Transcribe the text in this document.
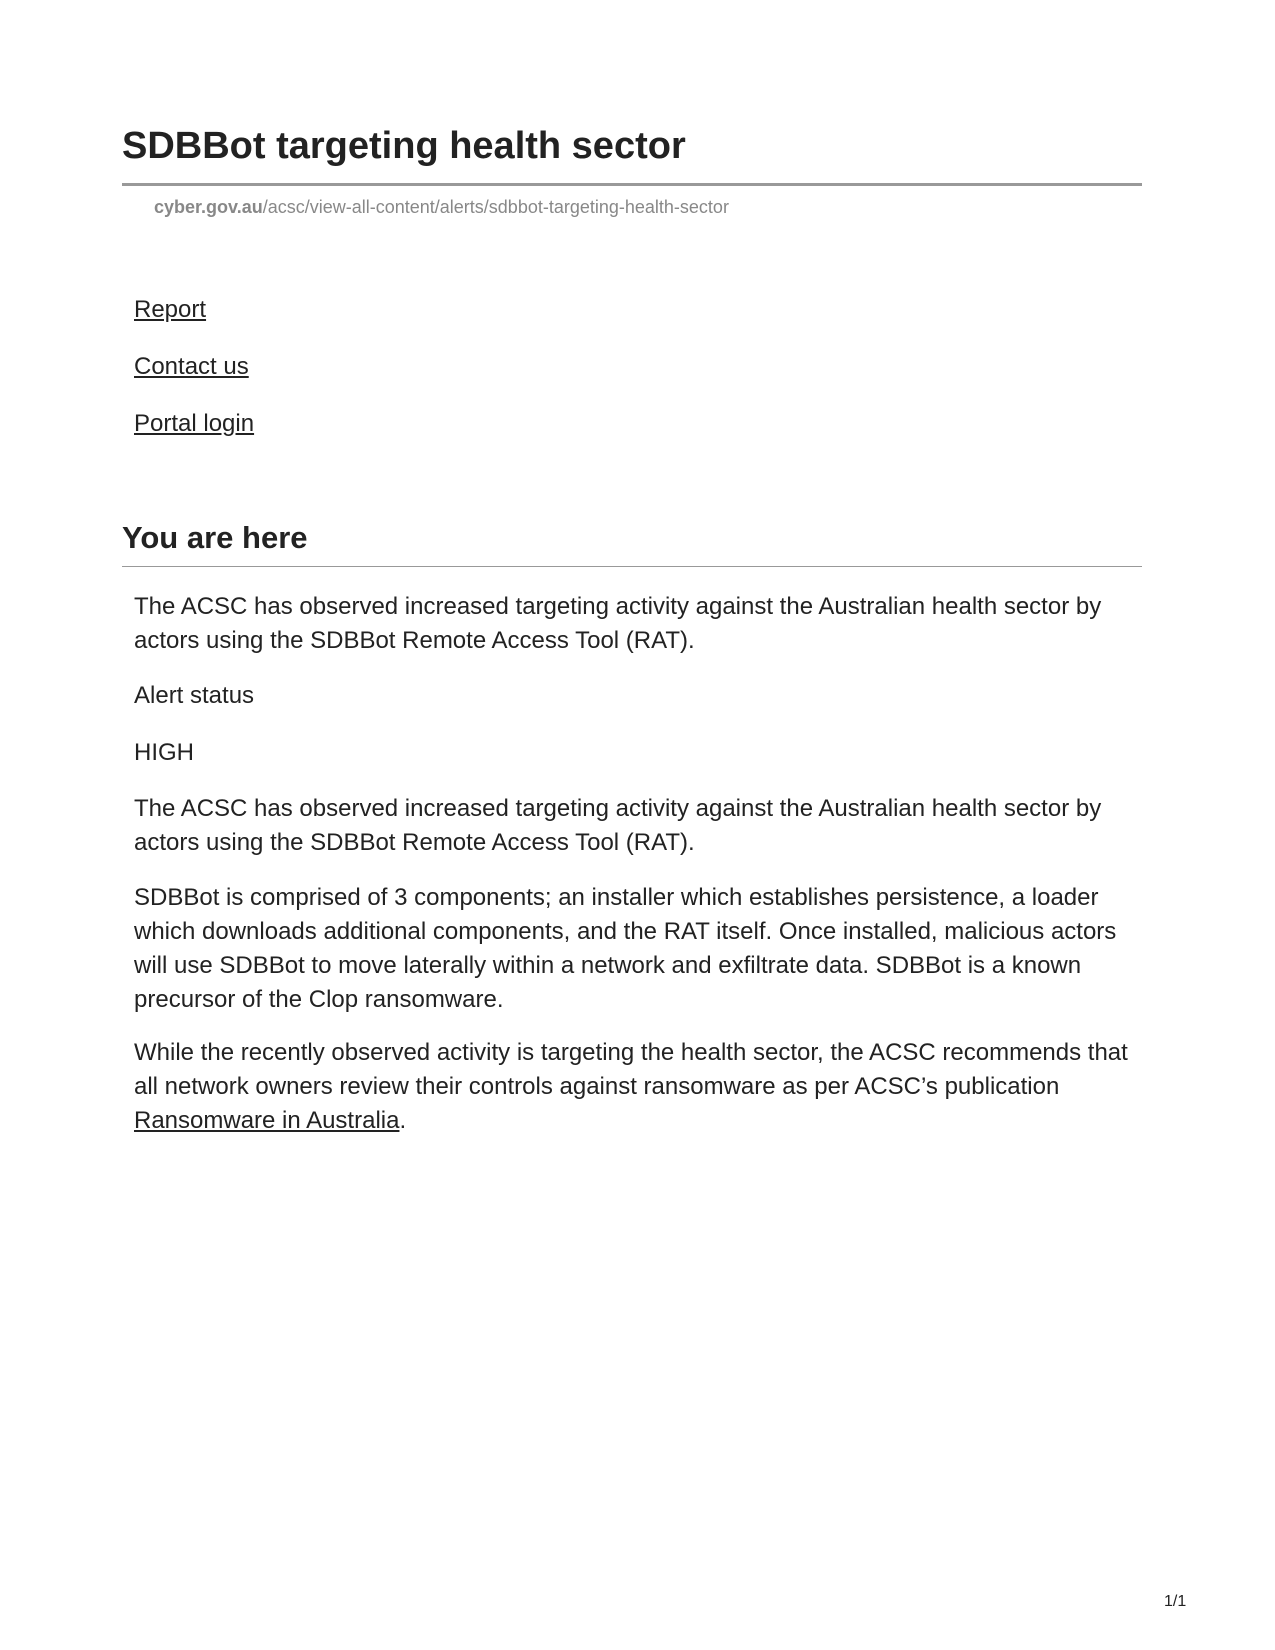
SDBBot targeting health sector
cyber.gov.au/acsc/view-all-content/alerts/sdbbot-targeting-health-sector
Report
Contact us
Portal login
You are here

The ACSC has observed increased targeting activity against the Australian health sector by actors using the SDBBot Remote Access Tool (RAT).

Alert status

HIGH

The ACSC has observed increased targeting activity against the Australian health sector by actors using the SDBBot Remote Access Tool (RAT).

SDBBot is comprised of 3 components; an installer which establishes persistence, a loader which downloads additional components, and the RAT itself. Once installed, malicious actors will use SDBBot to move laterally within a network and exfiltrate data. SDBBot is a known precursor of the Clop ransomware.

While the recently observed activity is targeting the health sector, the ACSC recommends that all network owners review their controls against ransomware as per ACSC’s publication Ransomware in Australia.

1/1
